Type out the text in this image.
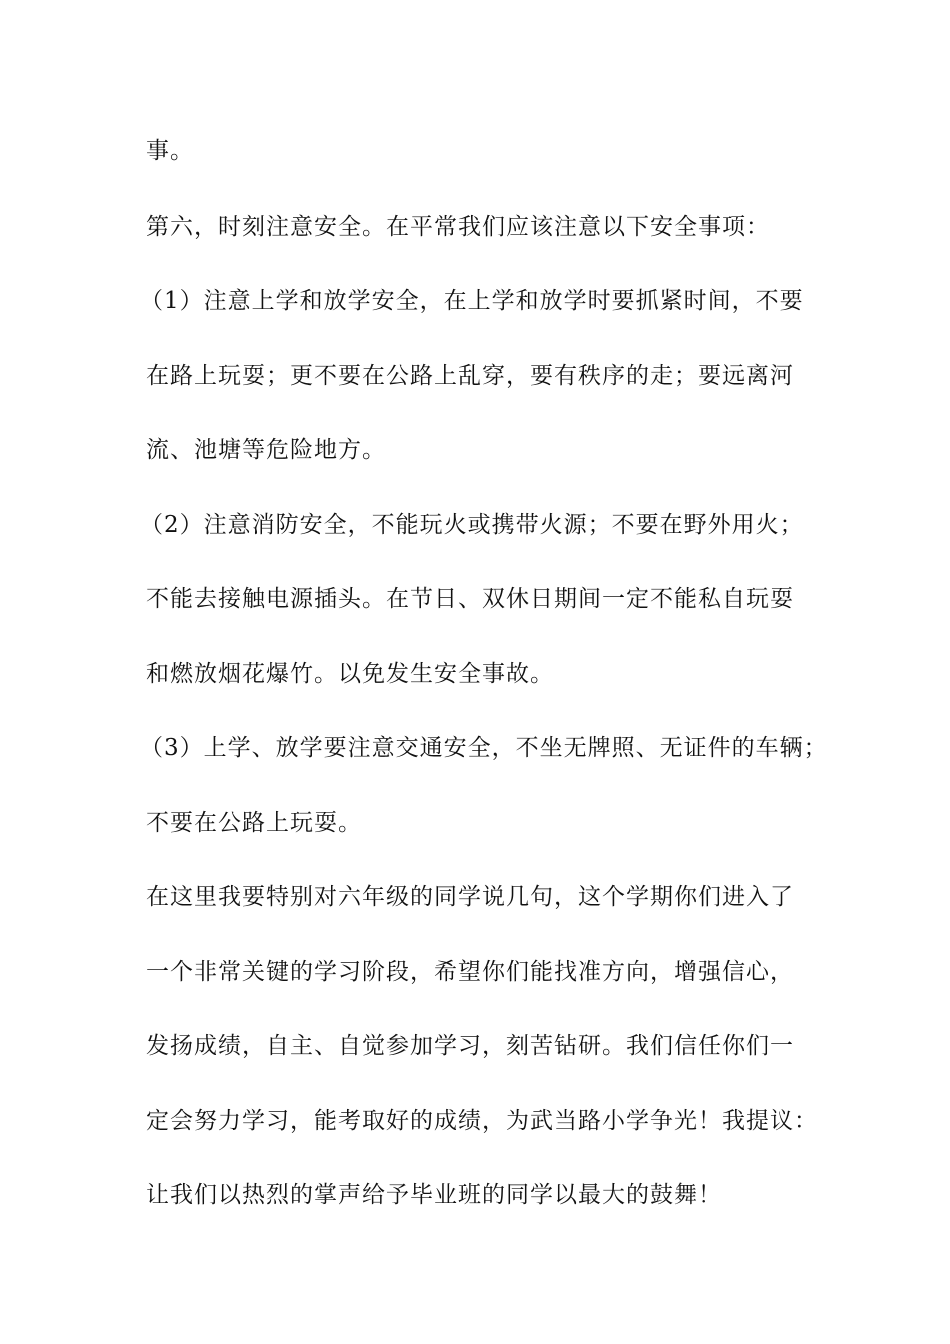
事。
第六，时刻注意安全。在平常我们应该注意以下安全事项：
（1）注意上学和放学安全，在上学和放学时要抓紧时间，不要
在路上玩耍；更不要在公路上乱穿，要有秩序的走；要远离河
流、池塘等危险地方。
（2）注意消防安全，不能玩火或携带火源；不要在野外用火；
不能去接触电源插头。在节日、双休日期间一定不能私自玩耍
和燃放烟花爆竹。以免发生安全事故。
（3）上学、放学要注意交通安全，不坐无牌照、无证件的车辆；
不要在公路上玩耍。
在这里我要特别对六年级的同学说几句，这个学期你们进入了
一个非常关键的学习阶段，希望你们能找准方向，增强信心，
发扬成绩，自主、自觉参加学习，刻苦钻研。我们信任你们一
定会努力学习，能考取好的成绩，为武当路小学争光！我提议：
让我们以热烈的掌声给予毕业班的同学以最大的鼓舞！
